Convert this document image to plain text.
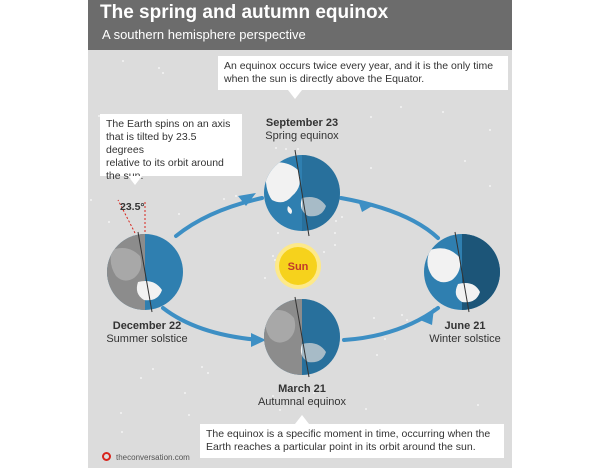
The spring and autumn equinox
A southern hemisphere perspective
23.5°
Sun
An equinox occurs twice every year, and it is the only time
when the sun is directly above the Equator.
The Earth spins on an axis
that is tilted by 23.5 degrees
relative to its orbit around
the sun.
The equinox is a specific moment in time, occurring when the
Earth reaches a particular point in its orbit around the sun.
September 23
Spring equinox
December 22
Summer solstice
June 21
Winter solstice
March 21
Autumnal equinox
theconversation.com
